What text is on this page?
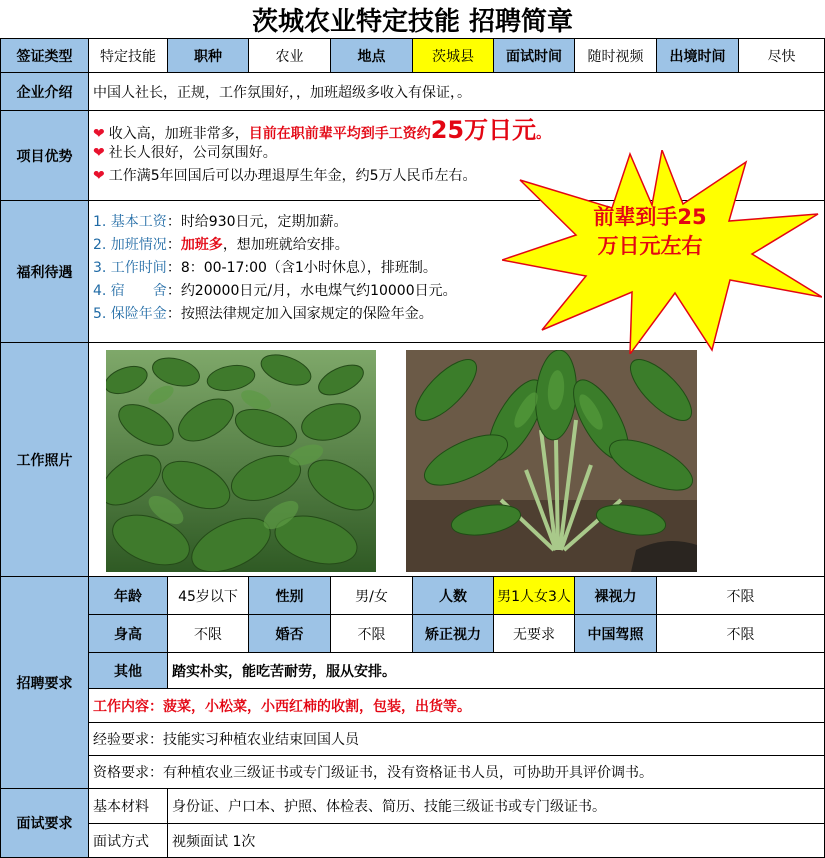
茨城农业特定技能 招聘简章
签证类型	特定技能	职种	农业	地点	茨城县	面试时间	随时视频	出境时间	尽快
企业介绍	中国人社长，正规，工作氛围好，，加班超级多收入有保证，。								
项目优势	❤ 收入高，加班非常多，目前在职前辈平均到手工资约25万日元。
❤ 社长人很好，公司氛围好。
❤ 工作满5年回国后可以办理退厚生年金，约5万人民币左右。								

福利待遇	1. 基本工资：时给930日元，定期加薪。
2. 加班情况：加班多，想加班就给安排。
3. 工作时间：8：00-17:00（含1小时休息），排班制。
4. 宿　　舍：约20000日元/月，水电煤气约10000日元。
5. 保险年金：按照法律规定加入国家规定的保险年金。								

工作照片									
招聘要求	年龄	45岁以下	性别	男/女	人数	男1人女3人	裸视力	不限	
	身高	不限	婚否	不限	矫正视力	无要求	中国驾照	不限	
	其他	踏实朴实，能吃苦耐劳，服从安排。							
	工作内容：菠菜，小松菜，小西红柿的收割，包装，出货等。								
	经验要求：技能实习种植农业结束回国人员								
	资格要求：有种植农业三级证书或专门级证书，没有资格证书人员，可协助开具评价调书。								
面试要求	基本材料	身份证、户口本、护照、体检表、简历、技能三级证书或专门级证书。							
	面试方式	视频面试 1次							
前辈到手25
万日元左右
